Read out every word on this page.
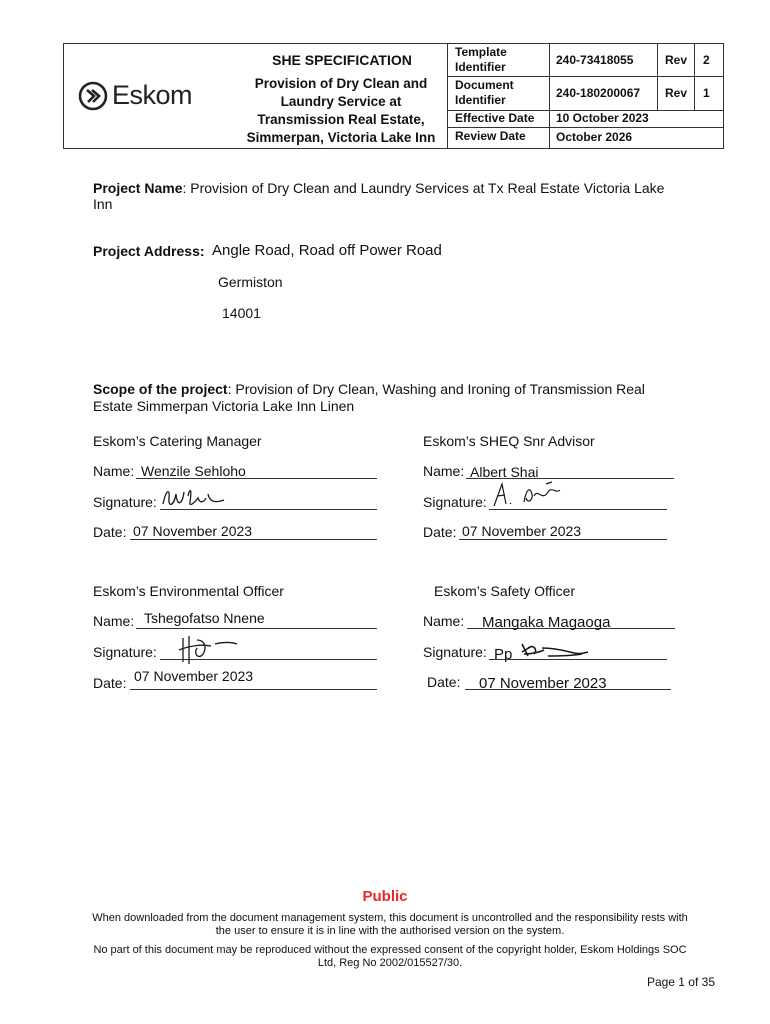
Eskom
SHE SPECIFICATION
Provision of Dry Clean and
Laundry Service at
Transmission Real Estate,
Simmerpan, Victoria Lake Inn
Template
Identifier	240-73418055	Rev 2
Document
Identifier	240-180200067 Rev 1
Effective Date 10 October 2023
Review Date	October 2026
Project Name: Provision of Dry Clean and Laundry Services at Tx Real Estate Victoria Lake
Inn
Project Address: Angle Road, Road off Power Road
Germiston
14001
Scope of the project: Provision of Dry Clean, Washing and Ironing of Transmission Real
Estate Simmerpan Victoria Lake Inn Linen
Eskom’s Catering Manager
Name: Wenzile Sehloho
Signature:
Date: 07 November 2023
Eskom’s SHEQ Snr Advisor
Name: Albert Shai
Signature:
Date: 07 November 2023
Eskom’s Environmental Officer
Name: Tshegofatso Nnene
Signature:
Date: 07 November 2023
Eskom’s Safety Officer
Name: Mangaka Magaoga
Signature: Pp
Date: 07 November 2023
Public
When downloaded from the document management system, this document is uncontrolled and the responsibility rests with
the user to ensure it is in line with the authorised version on the system.
No part of this document may be reproduced without the expressed consent of the copyright holder, Eskom Holdings SOC
Ltd, Reg No 2002/015527/30.
Page 1 of 35
